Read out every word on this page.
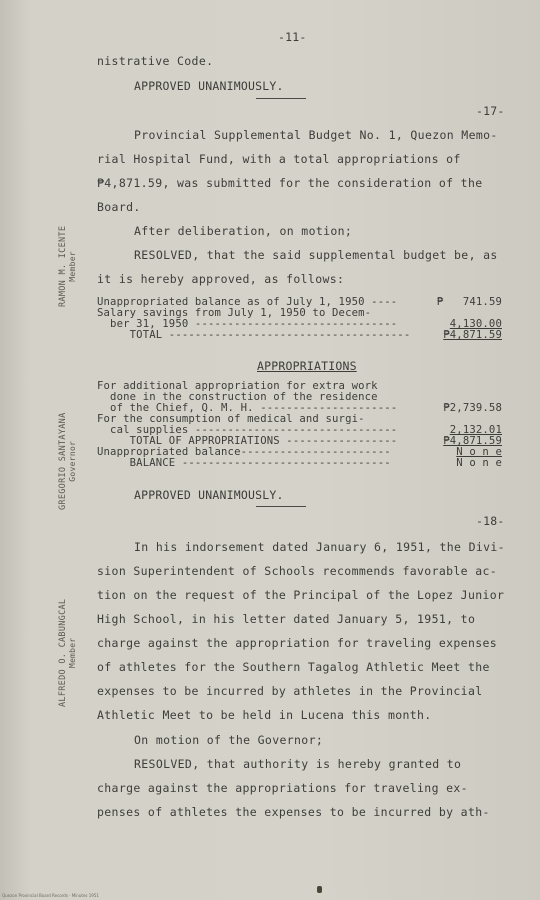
-11-
nistrative Code.
APPROVED UNANIMOUSLY.
-17-
Provincial Supplemental Budget No. 1, Quezon Memo-
rial Hospital Fund, with a total appropriations of
₱4,871.59, was submitted for the consideration of the
Board.
After deliberation, on motion;
RESOLVED, that the said supplemental budget be, as
it is hereby approved, as follows:
Unappropriated balance as of July 1, 1950 ----	₱   741.59
Salary savings from July 1, 1950 to Decem-
ber 31, 1950 -------------------------------	4,130.00
TOTAL -------------------------------------	₱4,871.59
APPROPRIATIONS
For additional appropriation for extra work
done in the construction of the residence
of the Chief, Q. M. H. ---------------------	₱2,739.58
For the consumption of medical and surgi-
cal supplies -------------------------------	2,132.01
TOTAL OF APPROPRIATIONS -----------------	₱4,871.59
Unappropriated balance-----------------------	N o n e
BALANCE --------------------------------	N o n e
APPROVED UNANIMOUSLY.
-18-
In his indorsement dated January 6, 1951, the Divi-
sion Superintendent of Schools recommends favorable ac-
tion on the request of the Principal of the Lopez Junior
High School, in his letter dated January 5, 1951, to
charge against the appropriation for traveling expenses
of athletes for the Southern Tagalog Athletic Meet the
expenses to be incurred by athletes in the Provincial
Athletic Meet to be held in Lucena this month.
On motion of the Governor;
RESOLVED, that authority is hereby granted to
charge against the appropriations for traveling ex-
penses of athletes the expenses to be incurred by ath-
RAMON M. ICENTE Member
GREGORIO SANTAYANA Governor
ALFREDO O. CABUNGCAL Member
Quezon Provincial Board Records · Minutes 1951
